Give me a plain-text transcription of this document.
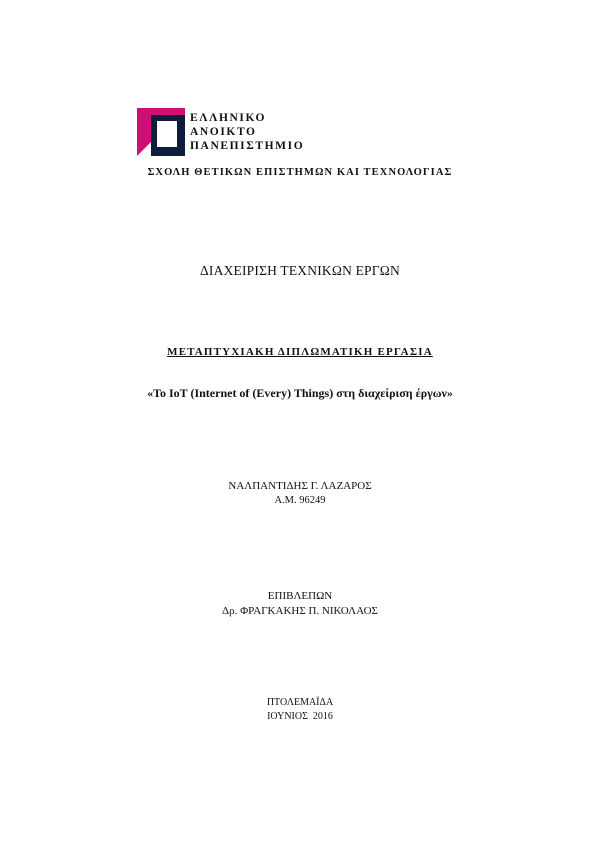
ΕΛΛΗΝΙΚΟ
ΑΝΟΙΚΤΟ
ΠΑΝΕΠΙΣΤΗΜΙΟ
ΣΧΟΛΗ ΘΕΤΙΚΩΝ ΕΠΙΣΤΗΜΩΝ ΚΑΙ ΤΕΧΝΟΛΟΓΙΑΣ
ΔΙΑΧΕΙΡΙΣΗ ΤΕΧΝΙΚΩΝ ΕΡΓΩΝ
ΜΕΤΑΠΤΥΧΙΑΚΗ ΔΙΠΛΩΜΑΤΙΚΗ ΕΡΓΑΣΙΑ
«Το IoT (Internet of (Every) Things) στη διαχείριση έργων»
ΝΑΛΠΑΝΤΙΔΗΣ Γ. ΛΑΖΑΡΟΣ
Α.Μ. 96249
ΕΠΙΒΛΕΠΩΝ
Δρ. ΦΡΑΓΚΑΚΗΣ Π. ΝΙΚΟΛΑΟΣ
ΠΤΟΛΕΜΑΪΔΑ
ΙΟΥΝΙΟΣ  2016
